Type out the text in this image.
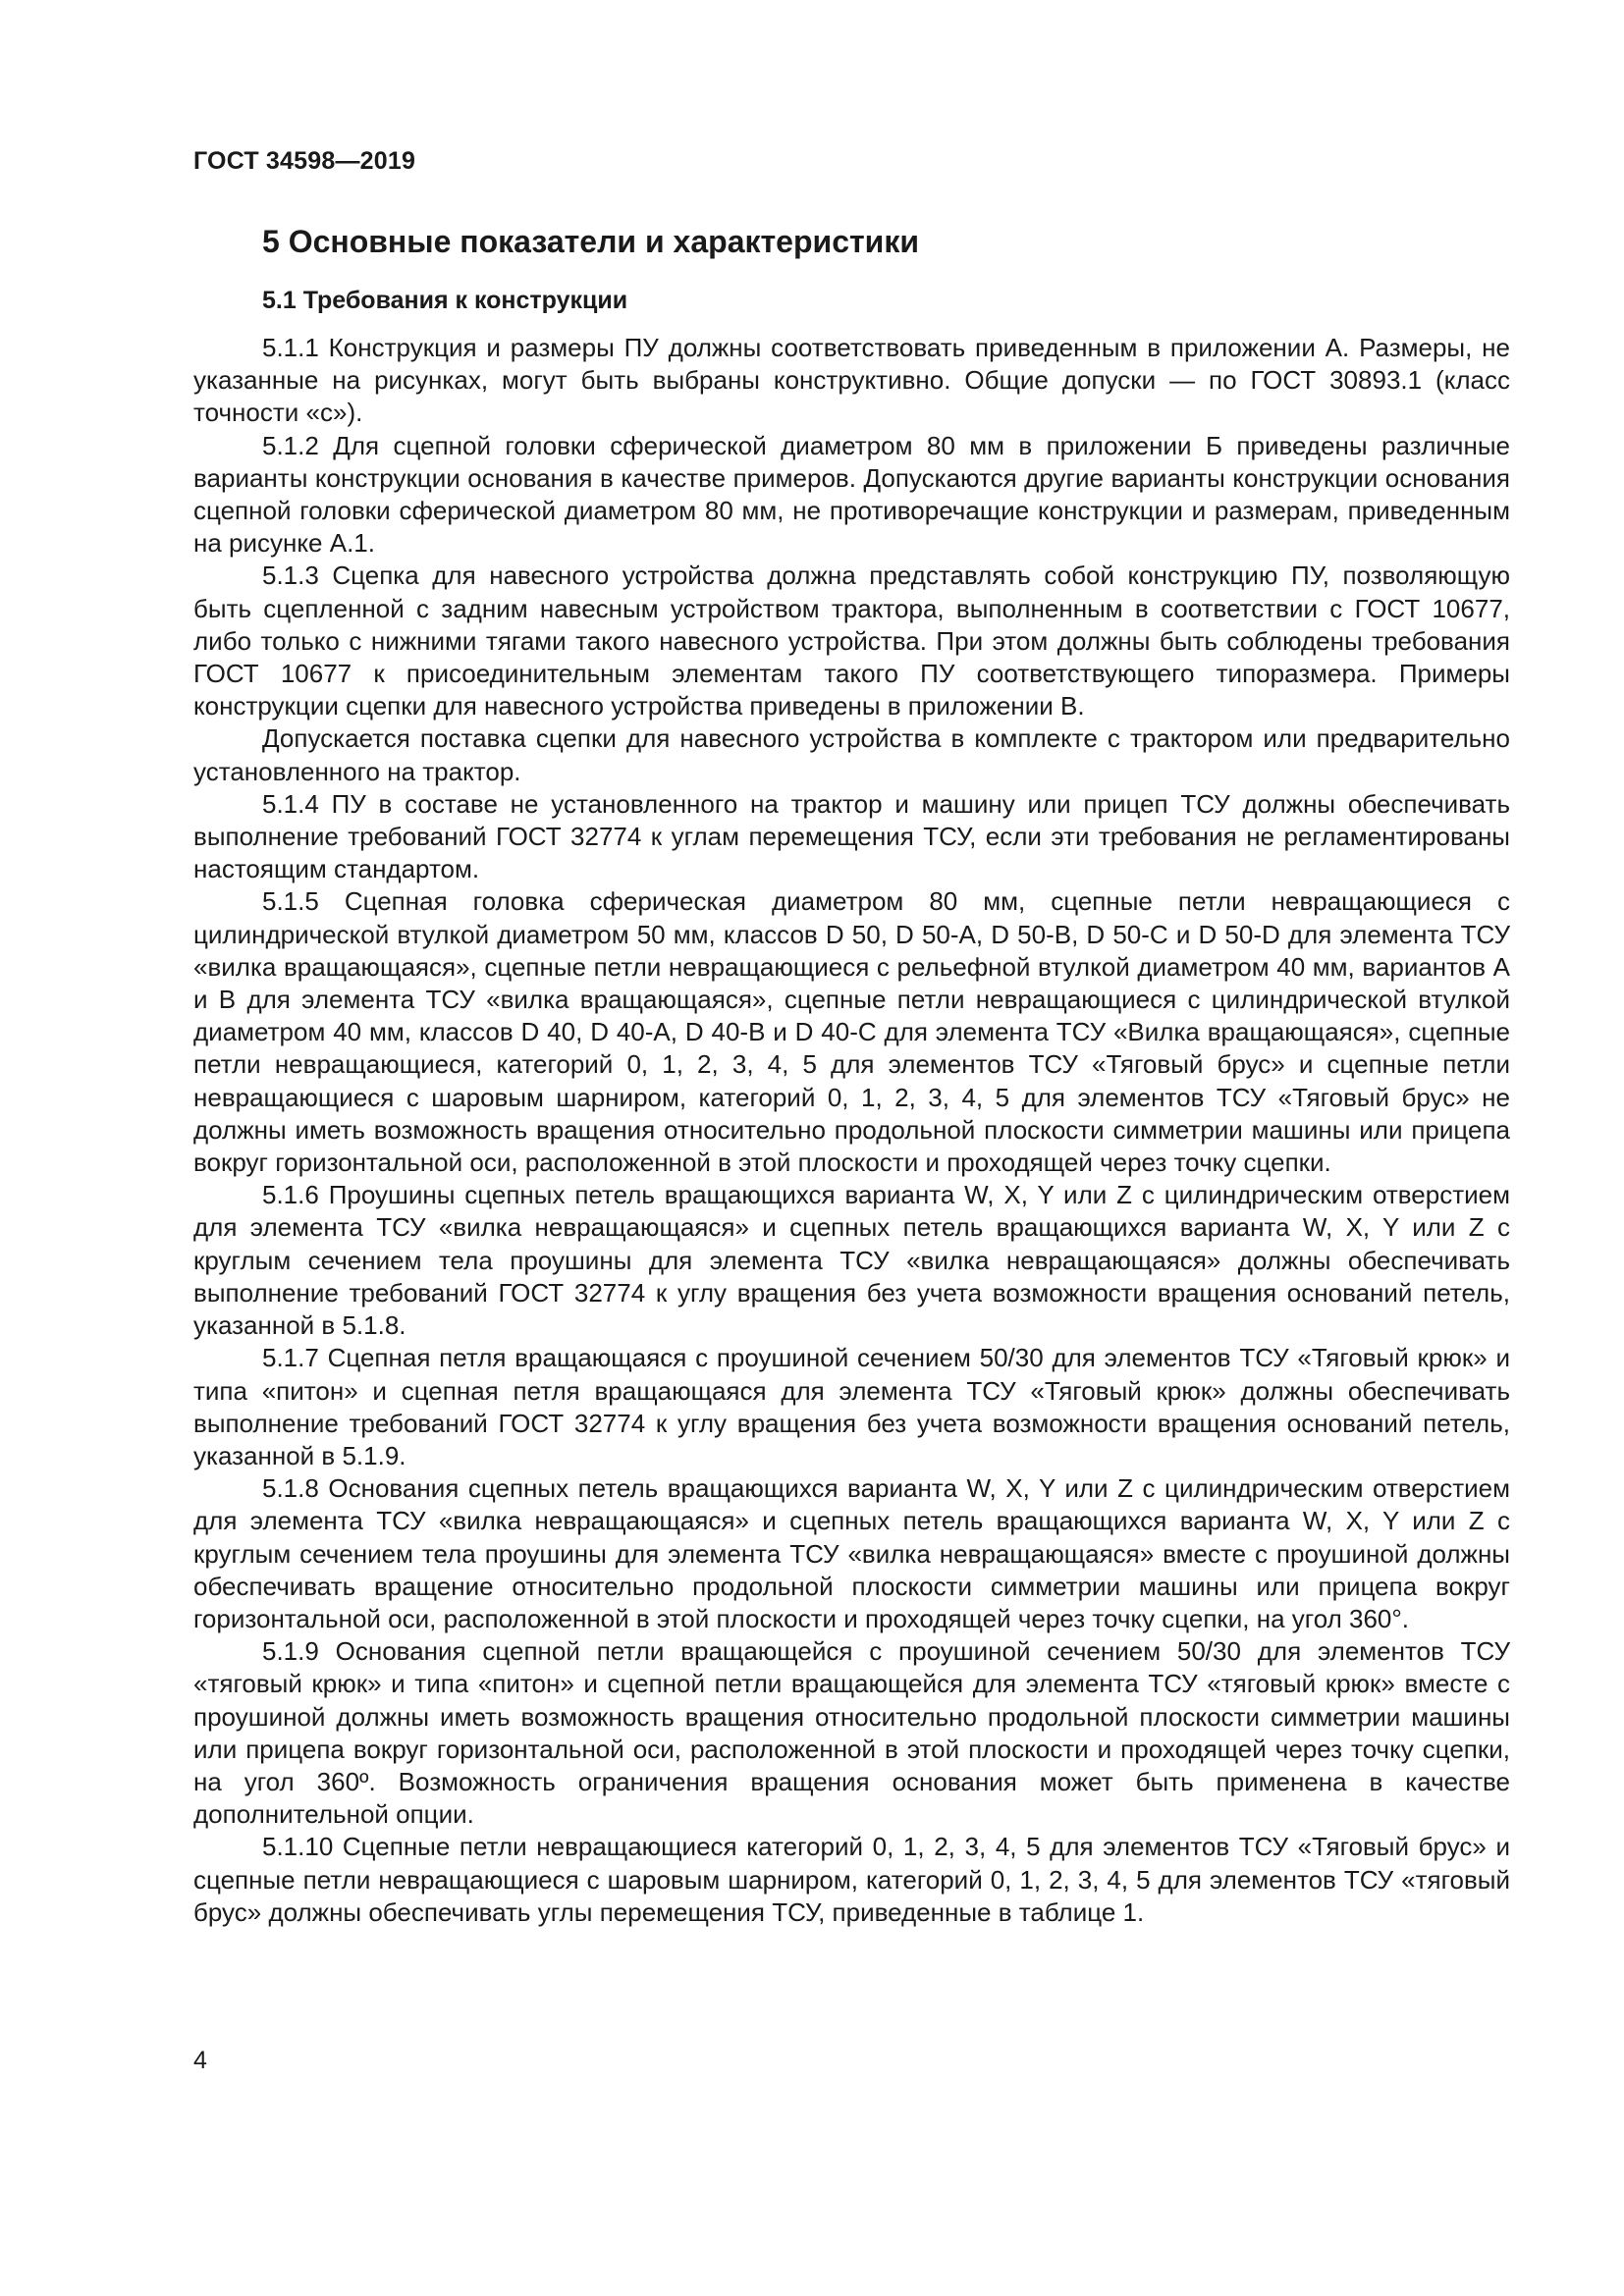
ГОСТ 34598—2019
5 Основные показатели и характеристики
5.1 Требования к конструкции

5.1.1 Конструкция и размеры ПУ должны соответствовать приведенным в приложении А. Размеры, не указанные на рисунках, могут быть выбраны конструктивно. Общие допуски — по ГОСТ 30893.1 (класс точности «с»).

5.1.2 Для сцепной головки сферической диаметром 80 мм в приложении Б приведены различные варианты конструкции основания в качестве примеров. Допускаются другие варианты конструкции основания сцепной головки сферической диаметром 80 мм, не противоречащие конструкции и размерам, приведенным на рисунке А.1.

5.1.3 Сцепка для навесного устройства должна представлять собой конструкцию ПУ, позволяющую быть сцепленной с задним навесным устройством трактора, выполненным в соответствии с ГОСТ 10677, либо только с нижними тягами такого навесного устройства. При этом должны быть соблюдены требования ГОСТ 10677 к присоединительным элементам такого ПУ соответствующего типоразмера. Примеры конструкции сцепки для навесного устройства приведены в приложении В.

Допускается поставка сцепки для навесного устройства в комплекте с трактором или предварительно установленного на трактор.

5.1.4 ПУ в составе не установленного на трактор и машину или прицеп ТСУ должны обеспечивать выполнение требований ГОСТ 32774 к углам перемещения ТСУ, если эти требования не регламентированы настоящим стандартом.

5.1.5 Сцепная головка сферическая диаметром 80 мм, сцепные петли невращающиеся с цилиндрической втулкой диаметром 50 мм, классов D 50, D 50-A, D 50-B, D 50-C и D 50-D для элемента ТСУ «вилка вращающаяся», сцепные петли невращающиеся с рельефной втулкой диаметром 40 мм, вариантов А и В для элемента ТСУ «вилка вращающаяся», сцепные петли невращающиеся с цилиндрической втулкой диаметром 40 мм, классов D 40, D 40-A, D 40-B и D 40-C для элемента ТСУ «Вилка вращающаяся», сцепные петли невращающиеся, категорий 0, 1, 2, 3, 4, 5 для элементов ТСУ «Тяговый брус» и сцепные петли невращающиеся с шаровым шарниром, категорий 0, 1, 2, 3, 4, 5 для элементов ТСУ «Тяговый брус» не должны иметь возможность вращения относительно продольной плоскости симметрии машины или прицепа вокруг горизонтальной оси, расположенной в этой плоскости и проходящей через точку сцепки.

5.1.6 Проушины сцепных петель вращающихся варианта W, X, Y или Z с цилиндрическим отверстием для элемента ТСУ «вилка невращающаяся» и сцепных петель вращающихся варианта W, X, Y или Z с круглым сечением тела проушины для элемента ТСУ «вилка невращающаяся» должны обеспечивать выполнение требований ГОСТ 32774 к углу вращения без учета возможности вращения оснований петель, указанной в 5.1.8.

5.1.7 Сцепная петля вращающаяся с проушиной сечением 50/30 для элементов ТСУ «Тяговый крюк» и типа «питон» и сцепная петля вращающаяся для элемента ТСУ «Тяговый крюк» должны обеспечивать выполнение требований ГОСТ 32774 к углу вращения без учета возможности вращения оснований петель, указанной в 5.1.9.

5.1.8 Основания сцепных петель вращающихся варианта W, X, Y или Z с цилиндрическим отверстием для элемента ТСУ «вилка невращающаяся» и сцепных петель вращающихся варианта W, X, Y или Z с круглым сечением тела проушины для элемента ТСУ «вилка невращающаяся» вместе с проушиной должны обеспечивать вращение относительно продольной плоскости симметрии машины или прицепа вокруг горизонтальной оси, расположенной в этой плоскости и проходящей через точку сцепки, на угол 360°.

5.1.9 Основания сцепной петли вращающейся с проушиной сечением 50/30 для элементов ТСУ «тяговый крюк» и типа «питон» и сцепной петли вращающейся для элемента ТСУ «тяговый крюк» вместе с проушиной должны иметь возможность вращения относительно продольной плоскости симметрии машины или прицепа вокруг горизонтальной оси, расположенной в этой плоскости и проходящей через точку сцепки, на угол 360º. Возможность ограничения вращения основания может быть применена в качестве дополнительной опции.

5.1.10 Сцепные петли невращающиеся категорий 0, 1, 2, 3, 4, 5 для элементов ТСУ «Тяговый брус» и сцепные петли невращающиеся с шаровым шарниром, категорий 0, 1, 2, 3, 4, 5 для элементов ТСУ «тяговый брус» должны обеспечивать углы перемещения ТСУ, приведенные в таблице 1.

4
